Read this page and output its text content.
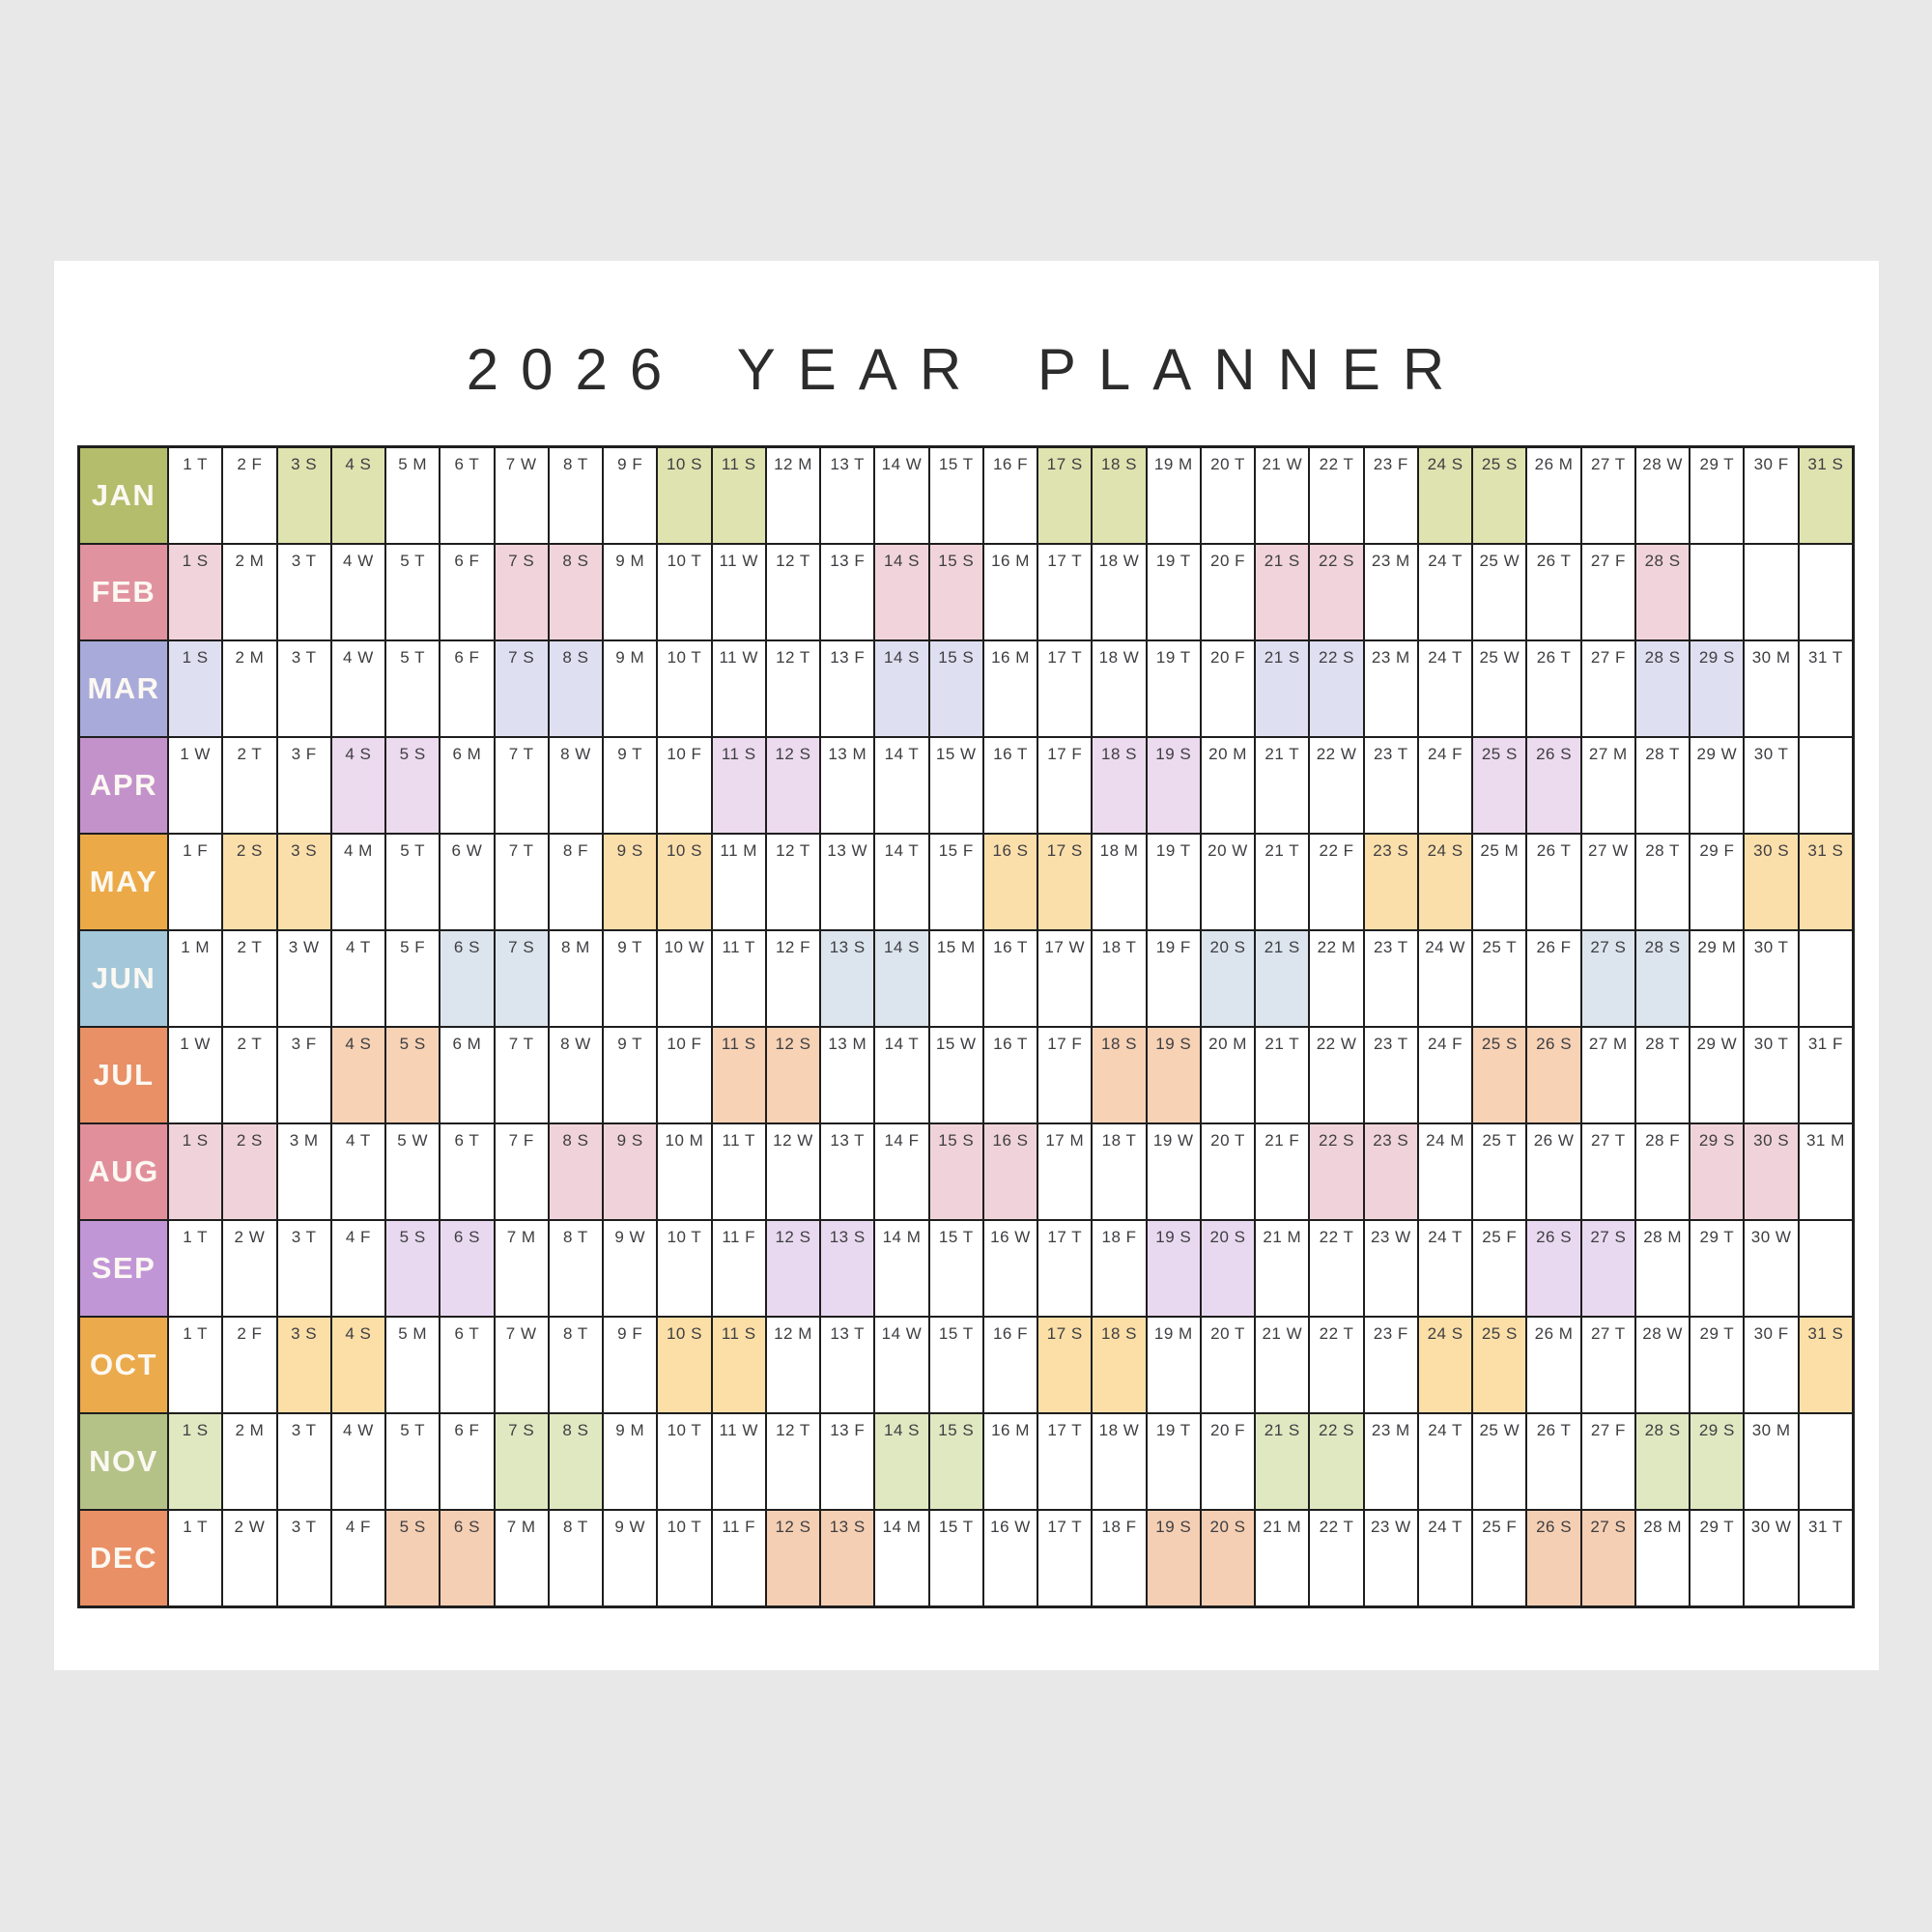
2026 YEAR PLANNER
JAN
1 T	2 F	3 S	4 S	5 M	6 T	7 W	8 T	9 F	10 S	11 S	12 M	13 T	14 W	15 T	16 F	17 S	18 S	19 M	20 T	21 W	22 T	23 F	24 S	25 S	26 M	27 T	28 W	29 T	30 F	31 S
FEB
1 S	2 M	3 T	4 W	5 T	6 F	7 S	8 S	9 M	10 T	11 W	12 T	13 F	14 S	15 S	16 M	17 T	18 W	19 T	20 F	21 S	22 S	23 M	24 T	25 W	26 T	27 F	28 S
MAR
1 S	2 M	3 T	4 W	5 T	6 F	7 S	8 S	9 M	10 T	11 W	12 T	13 F	14 S	15 S	16 M	17 T	18 W	19 T	20 F	21 S	22 S	23 M	24 T	25 W	26 T	27 F	28 S	29 S	30 M	31 T
APR
1 W	2 T	3 F	4 S	5 S	6 M	7 T	8 W	9 T	10 F	11 S	12 S	13 M	14 T	15 W	16 T	17 F	18 S	19 S	20 M	21 T	22 W	23 T	24 F	25 S	26 S	27 M	28 T	29 W	30 T
MAY
1 F	2 S	3 S	4 M	5 T	6 W	7 T	8 F	9 S	10 S	11 M	12 T	13 W	14 T	15 F	16 S	17 S	18 M	19 T	20 W	21 T	22 F	23 S	24 S	25 M	26 T	27 W	28 T	29 F	30 S	31 S
JUN
1 M	2 T	3 W	4 T	5 F	6 S	7 S	8 M	9 T	10 W	11 T	12 F	13 S	14 S	15 M	16 T	17 W	18 T	19 F	20 S	21 S	22 M	23 T	24 W	25 T	26 F	27 S	28 S	29 M	30 T
JUL
1 W	2 T	3 F	4 S	5 S	6 M	7 T	8 W	9 T	10 F	11 S	12 S	13 M	14 T	15 W	16 T	17 F	18 S	19 S	20 M	21 T	22 W	23 T	24 F	25 S	26 S	27 M	28 T	29 W	30 T	31 F
AUG
1 S	2 S	3 M	4 T	5 W	6 T	7 F	8 S	9 S	10 M	11 T	12 W	13 T	14 F	15 S	16 S	17 M	18 T	19 W	20 T	21 F	22 S	23 S	24 M	25 T	26 W	27 T	28 F	29 S	30 S	31 M
SEP
1 T	2 W	3 T	4 F	5 S	6 S	7 M	8 T	9 W	10 T	11 F	12 S	13 S	14 M	15 T	16 W	17 T	18 F	19 S	20 S	21 M	22 T	23 W	24 T	25 F	26 S	27 S	28 M	29 T	30 W
OCT
1 T	2 F	3 S	4 S	5 M	6 T	7 W	8 T	9 F	10 S	11 S	12 M	13 T	14 W	15 T	16 F	17 S	18 S	19 M	20 T	21 W	22 T	23 F	24 S	25 S	26 M	27 T	28 W	29 T	30 F	31 S
NOV
1 S	2 M	3 T	4 W	5 T	6 F	7 S	8 S	9 M	10 T	11 W	12 T	13 F	14 S	15 S	16 M	17 T	18 W	19 T	20 F	21 S	22 S	23 M	24 T	25 W	26 T	27 F	28 S	29 S	30 M
DEC
1 T	2 W	3 T	4 F	5 S	6 S	7 M	8 T	9 W	10 T	11 F	12 S	13 S	14 M	15 T	16 W	17 T	18 F	19 S	20 S	21 M	22 T	23 W	24 T	25 F	26 S	27 S	28 M	29 T	30 W	31 T
